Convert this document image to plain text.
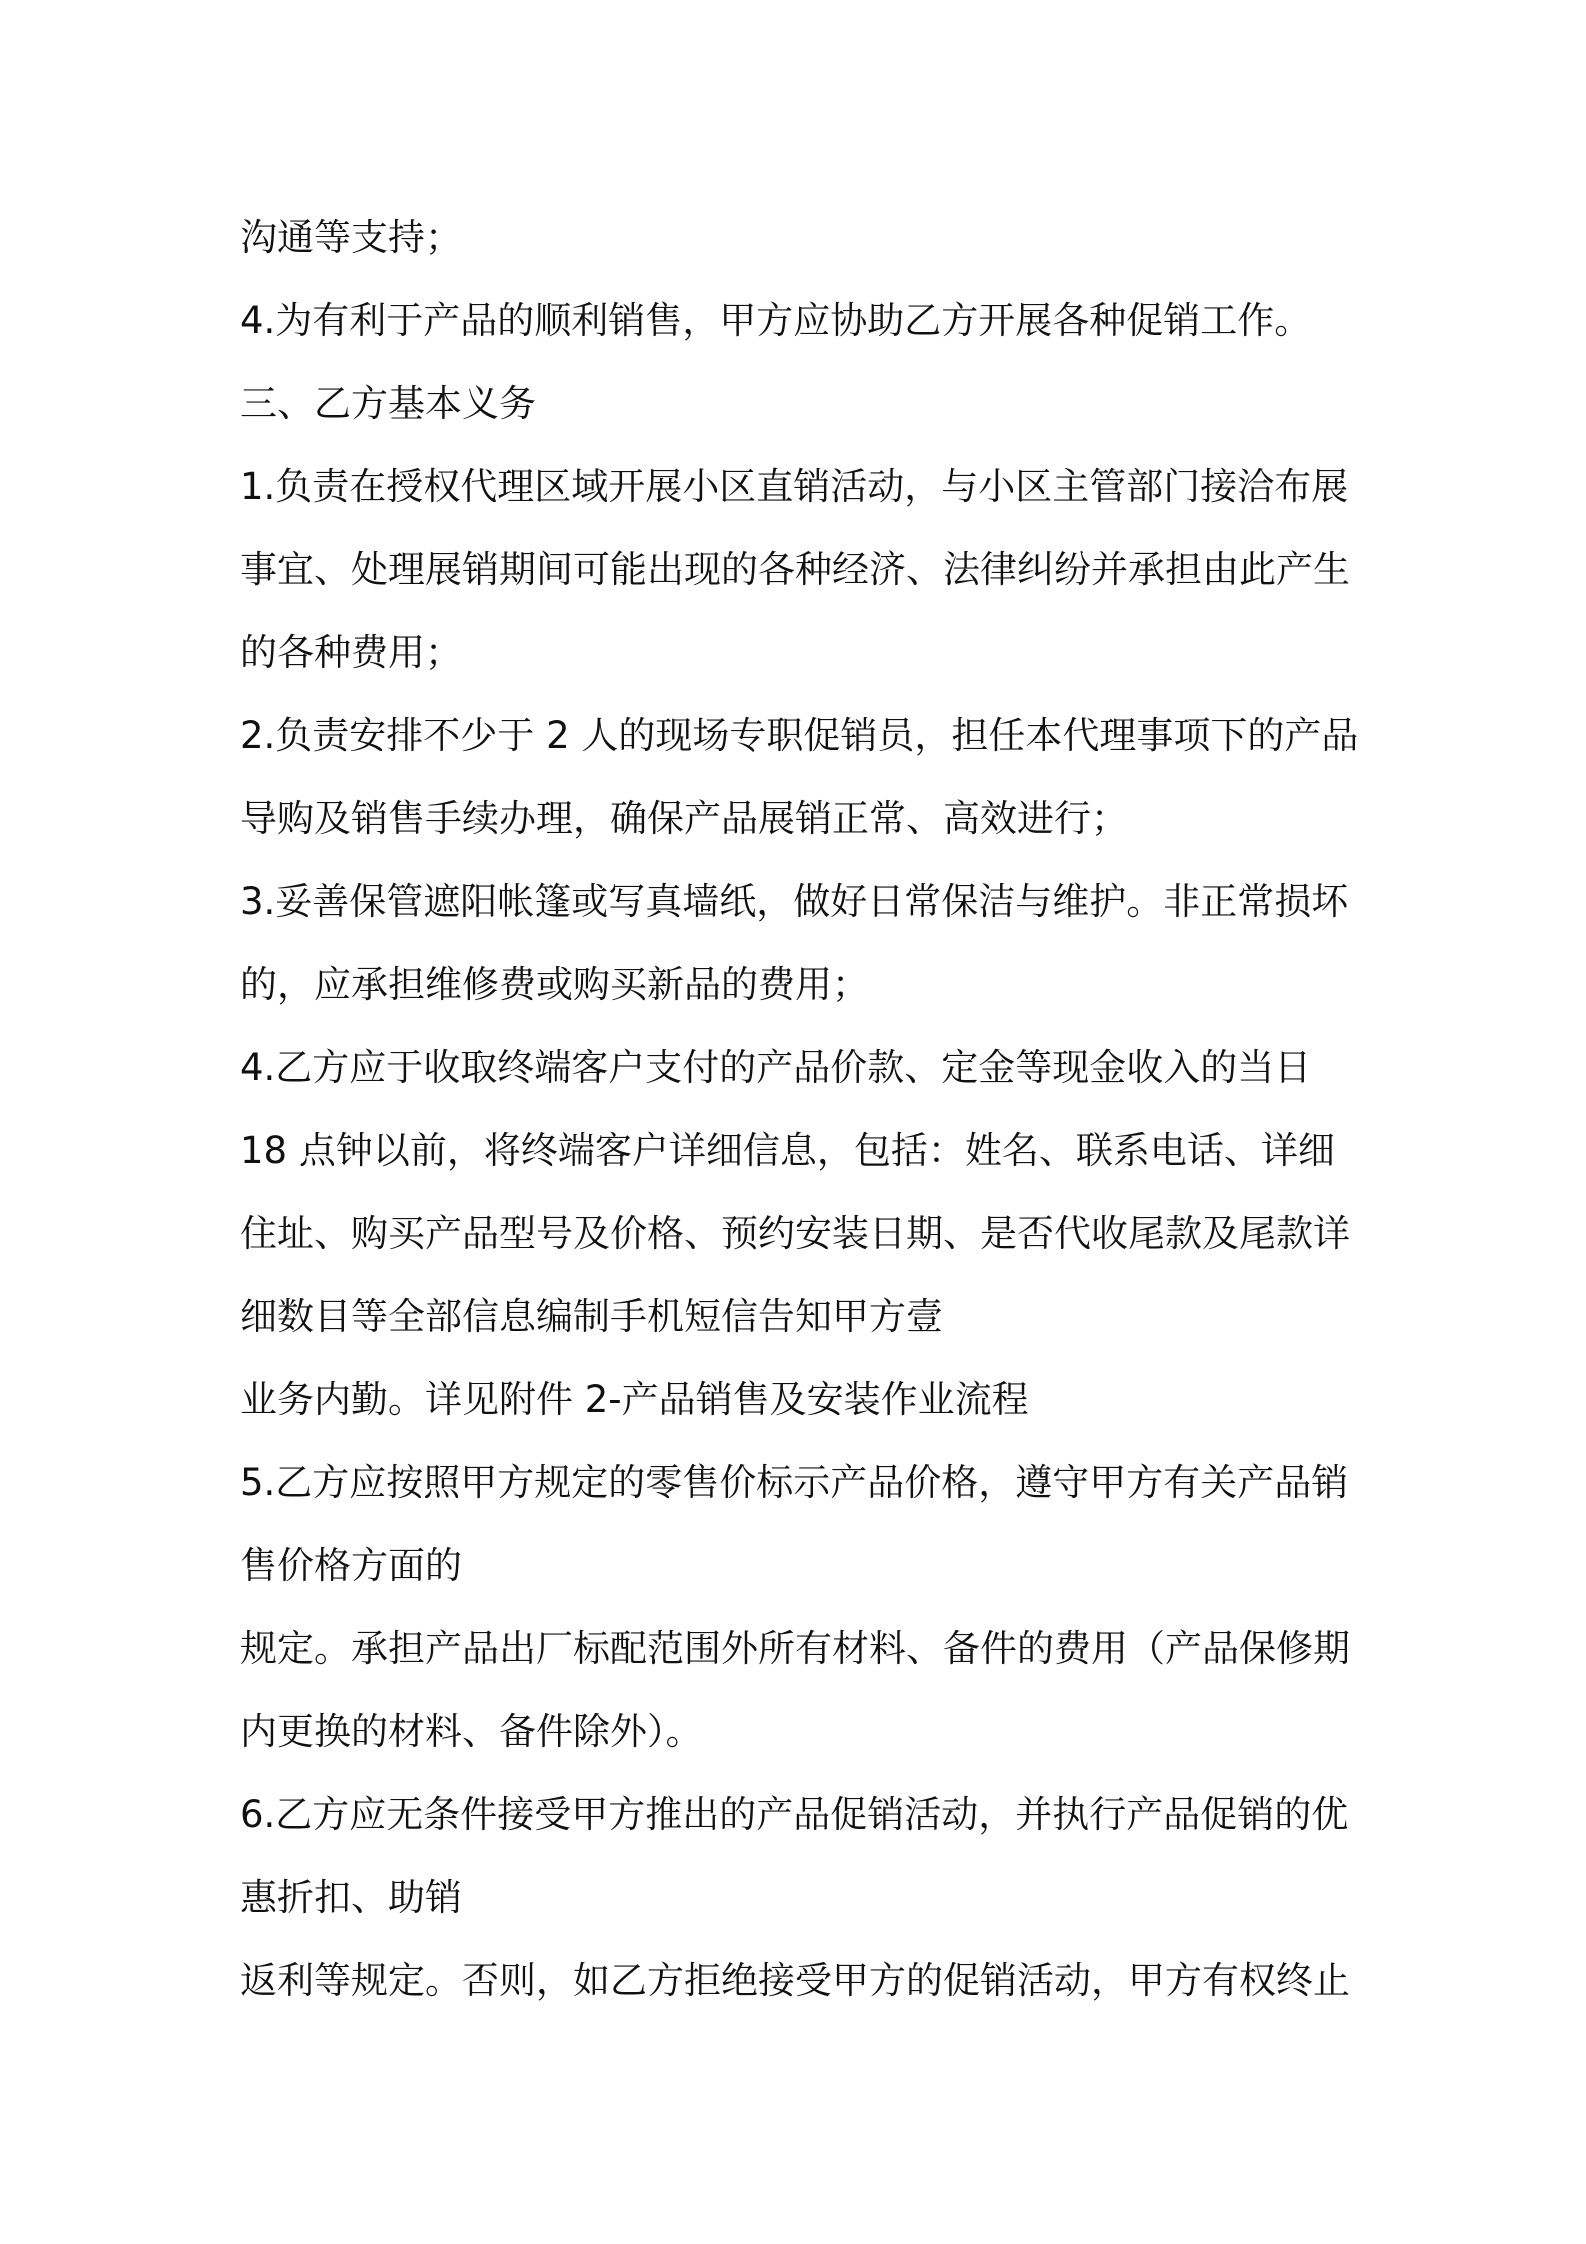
沟通等支持；
4.为有利于产品的顺利销售，甲方应协助乙方开展各种促销工作。
三、乙方基本义务
1.负责在授权代理区域开展小区直销活动，与小区主管部门接洽布展
事宜、处理展销期间可能出现的各种经济、法律纠纷并承担由此产生
的各种费用；
2.负责安排不少于 2 人的现场专职促销员，担任本代理事项下的产品
导购及销售手续办理，确保产品展销正常、高效进行；
3.妥善保管遮阳帐篷或写真墙纸，做好日常保洁与维护。非正常损坏
的，应承担维修费或购买新品的费用；
4.乙方应于收取终端客户支付的产品价款、定金等现金收入的当日
18 点钟以前，将终端客户详细信息，包括：姓名、联系电话、详细
住址、购买产品型号及价格、预约安装日期、是否代收尾款及尾款详
细数目等全部信息编制手机短信告知甲方壹
业务内勤。详见附件 2-产品销售及安装作业流程
5.乙方应按照甲方规定的零售价标示产品价格，遵守甲方有关产品销
售价格方面的
规定。承担产品出厂标配范围外所有材料、备件的费用（产品保修期
内更换的材料、备件除外）。
6.乙方应无条件接受甲方推出的产品促销活动，并执行产品促销的优
惠折扣、助销
返利等规定。否则，如乙方拒绝接受甲方的促销活动，甲方有权终止
